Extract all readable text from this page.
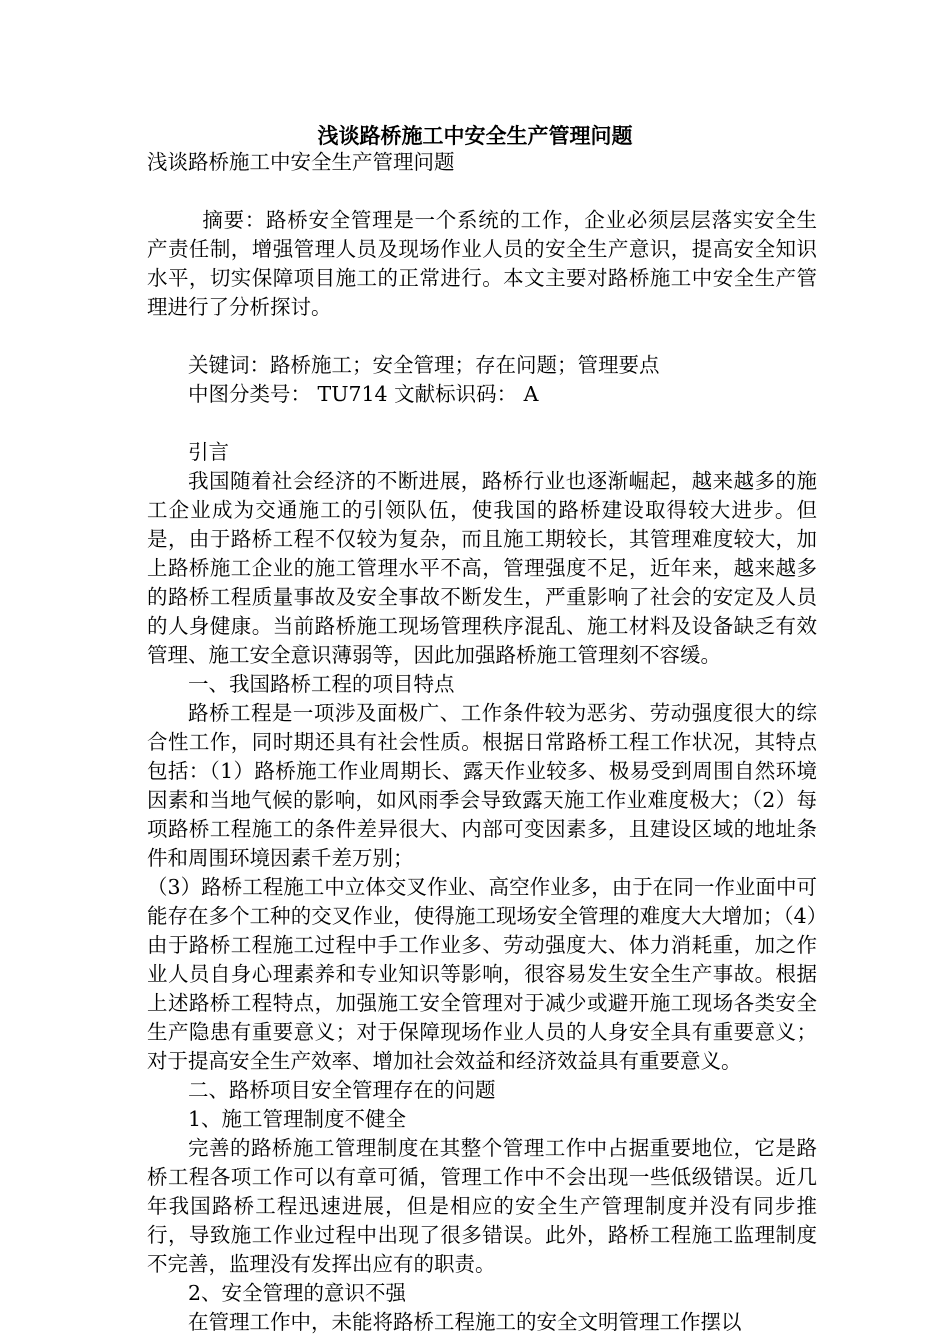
浅谈路桥施工中安全生产管理问题

浅谈路桥施工中安全生产管理问题

摘要：路桥安全管理是一个系统的工作，企业必须层层落实安全生产责任制，增强管理人员及现场作业人员的安全生产意识，提高安全知识水平，切实保障项目施工的正常进行。本文主要对路桥施工中安全生产管理进行了分析探讨。

关键词：路桥施工；安全管理；存在问题；管理要点

中图分类号： TU714 文献标识码： A

引言

我国随着社会经济的不断进展，路桥行业也逐渐崛起，越来越多的施工企业成为交通施工的引领队伍，使我国的路桥建设取得较大进步。但是，由于路桥工程不仅较为复杂，而且施工期较长，其管理难度较大，加上路桥施工企业的施工管理水平不高，管理强度不足，近年来，越来越多的路桥工程质量事故及安全事故不断发生，严重影响了社会的安定及人员的人身健康。当前路桥施工现场管理秩序混乱、施工材料及设备缺乏有效管理、施工安全意识薄弱等，因此加强路桥施工管理刻不容缓。

一、我国路桥工程的项目特点

路桥工程是一项涉及面极广、工作条件较为恶劣、劳动强度很大的综合性工作，同时期还具有社会性质。根据日常路桥工程工作状况，其特点包括：（1）路桥施工作业周期长、露天作业较多、极易受到周围自然环境因素和当地气候的影响，如风雨季会导致露天施工作业难度极大；（2）每项路桥工程施工的条件差异很大、内部可变因素多，且建设区域的地址条件和周围环境因素千差万别；

（3）路桥工程施工中立体交叉作业、高空作业多，由于在同一作业面中可能存在多个工种的交叉作业，使得施工现场安全管理的难度大大增加；（4）由于路桥工程施工过程中手工作业多、劳动强度大、体力消耗重，加之作业人员自身心理素养和专业知识等影响，很容易发生安全生产事故。根据上述路桥工程特点，加强施工安全管理对于减少或避开施工现场各类安全生产隐患有重要意义；对于保障现场作业人员的人身安全具有重要意义；对于提高安全生产效率、增加社会效益和经济效益具有重要意义。

二、路桥项目安全管理存在的问题

1、施工管理制度不健全

完善的路桥施工管理制度在其整个管理工作中占据重要地位，它是路桥工程各项工作可以有章可循，管理工作中不会出现一些低级错误。近几年我国路桥工程迅速进展，但是相应的安全生产管理制度并没有同步推行，导致施工作业过程中出现了很多错误。此外，路桥工程施工监理制度不完善，监理没有发挥出应有的职责。

2、安全管理的意识不强

在管理工作中，未能将路桥工程施工的安全文明管理工作摆以
